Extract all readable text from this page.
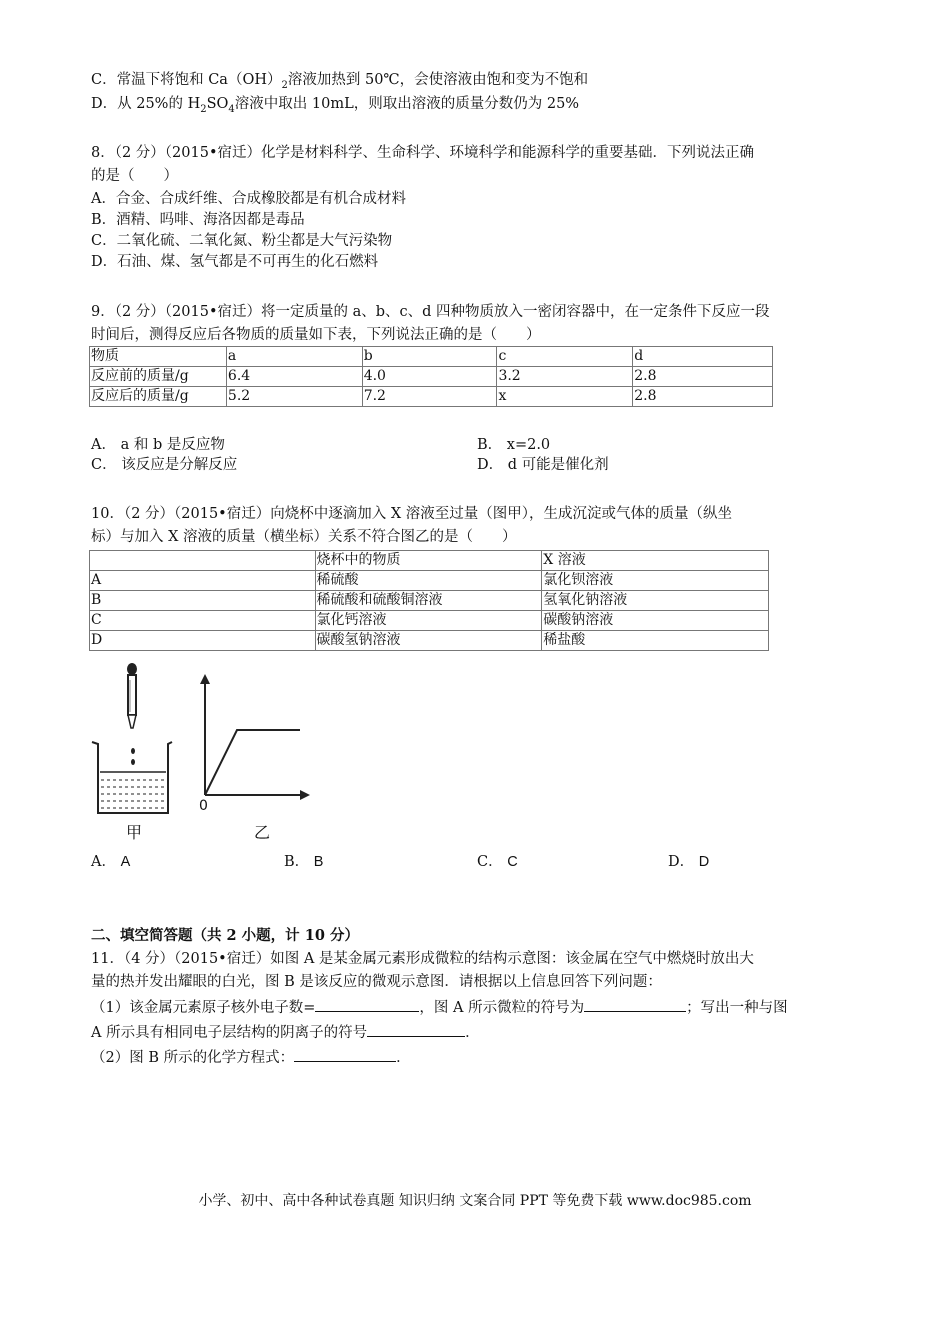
C．常温下将饱和 $Ca(OH)_2$溶液加热到 50℃，会使溶液由饱和变为不饱和
D．从 25%的 $H_2SO_4$溶液中取出 10mL，则取出溶液的质量分数仍为 25%
8．（2 分）（2015•宿迁）化学是材料科学、生命科学、环境科学和能源科学的重要基础．下列说法正确
的是（　　）
A．合金、合成纤维、合成橡胶都是有机合成材料
B．酒精、吗啡、海洛因都是毒品
C．二氧化硫、二氧化氮、粉尘都是大气污染物
D．石油、煤、氢气都是不可再生的化石燃料
9．（2 分）（2015•宿迁）将一定质量的 a、b、c、d 四种物质放入一密闭容器中，在一定条件下反应一段
时间后，测得反应后各物质的质量如下表，下列说法正确的是（　　）
物质	a	b	c	d
反应前的质量/g	6.4	4.0	3.2	2.8
反应后的质量/g	5.2	7.2	x	2.8
A． a 和 b 是反应物	B． x=2.0
C． 该反应是分解反应	D． d 可能是催化剂
10．（2 分）（2015•宿迁）向烧杯中逐滴加入 X 溶液至过量（图甲），生成沉淀或气体的质量（纵坐
标）与加入 X 溶液的质量（横坐标）关系不符合图乙的是（　　）
	烧杯中的物质	X 溶液
A	稀硫酸	氯化钡溶液
B	稀硫酸和硫酸铜溶液	氢氧化钠溶液
C	氯化钙溶液	碳酸钠溶液
D	碳酸氢钠溶液	稀盐酸
甲
0
乙
A． A	B． B	C． C	D． D
二、填空简答题（共 2 小题，计 10 分）
11．（4 分）（2015•宿迁）如图 A 是某金属元素形成微粒的结构示意图：该金属在空气中燃烧时放出大
量的热并发出耀眼的白光，图 B 是该反应的微观示意图．请根据以上信息回答下列问题：
（1）该金属元素原子核外电子数=	，图 A 所示微粒的符号为	；写出一种与图
A 所示具有相同电子层结构的阴离子的符号	．
（2）图 B 所示的化学方程式：	．
小学、初中、高中各种试卷真题 知识归纳 文案合同 PPT 等免费下载 www.doc985.com
